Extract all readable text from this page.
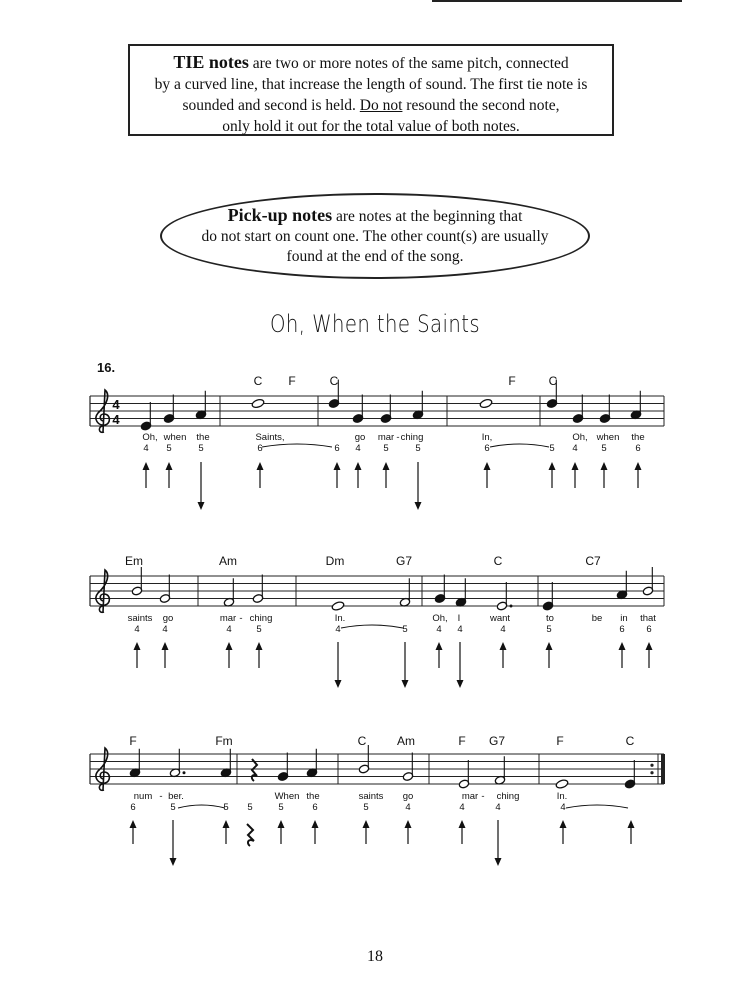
TIE notes are two or more notes of the same pitch, connected
by a curved line, that increase the length of sound. The first tie note is
sounded and second is held. Do not resound the second note,
only hold it out for the total value of both notes.
Pick-up notes are notes at the beginning that
do not start on count one. The other count(s) are usually
found at the end of the song.
Oh, When the Saints
4
4
16.
C F	C	F	C
Oh, when the	Saints,	go mar - ching	In,	Oh, when the
4 5	5	6	6 4 5	5	6	5 4 5	6
Em	Am	Dm	G7	C	C7
saints go	mar - ching	In.	Oh, I	want	to	be in that
4 4	4	5	4	5	4 4	4	5	6 6
F	Fm	C	Am	F G7	F	C
num - ber.	When the	saints go	mar - ching	In.
6	5	5 5	5	6	5	4	4	4	4
18
